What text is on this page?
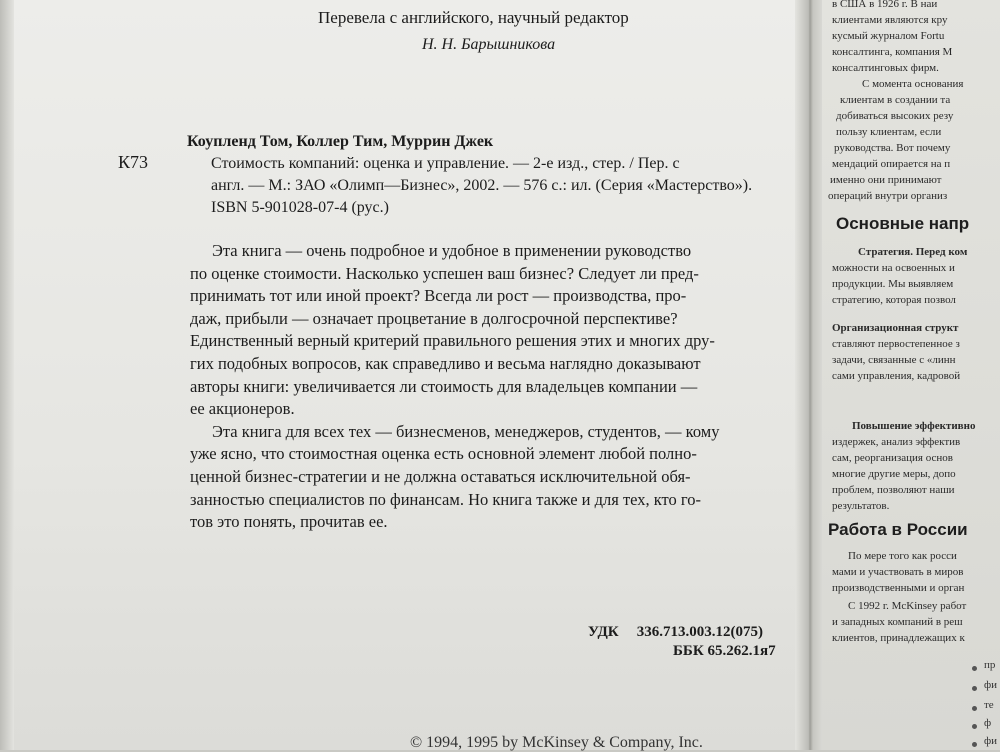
Перевела с английского, научный редактор
Н. Н. Барышникова
Коупленд Том, Коллер Тим, Муррин Джек
К73	Стоимость компаний: оценка и управление. — 2-е изд., стер. / Пер. с
англ. — М.: ЗАО «Олимп—Бизнес», 2002. — 576 с.: ил. (Серия «Мастерство»).
ISBN 5-901028-07-4 (рус.)
Эта книга — очень подробное и удобное в применении руководство
по оценке стоимости. Насколько успешен ваш бизнес? Следует ли пред-
принимать тот или иной проект? Всегда ли рост — производства, про-
даж, прибыли — означает процветание в долгосрочной перспективе?
Единственный верный критерий правильного решения этих и многих дру-
гих подобных вопросов, как справедливо и весьма наглядно доказывают
авторы книги: увеличивается ли стоимость для владельцев компании —
ее акционеров.
Эта книга для всех тех — бизнесменов, менеджеров, студентов, — кому
уже ясно, что стоимостная оценка есть основной элемент любой полно-
ценной бизнес-стратегии и не должна оставаться исключительной обя-
занностью специалистов по финансам. Но книга также и для тех, кто го-
тов это понять, прочитав ее.
УДК 336.713.003.12(075)
ББК 65.262.1я7
© 1994, 1995 by McKinsey & Company, Inc.
в США в 1926 г. В наи
клиентами являются кру
кусмый журналом Fortu
консалтинга, компания M
консалтинговых фирм.
С момента основания
клиентам в создании та
добиваться высоких резу
пользу клиентам, если
руководства. Вот почему
мендаций опирается на п
именно они принимают
операций внутри организ
Основные напр
Стратегия. Перед ком
можности на освоенных и
продукции. Мы выявляем
стратегию, которая позвол
Организационная структ
ставляют первостепенное з
задачи, связанные с «линн
сами управления, кадровой
Повышение эффективно
издержек, анализ эффектив
сам, реорганизация основ
многие другие меры, допо
проблем, позволяют наши
результатов.
Работа в России
По мере того как росси
мами и участвовать в миров
производственными и орган
С 1992 г. McKinsey работ
и западных компаний в реш
клиентов, принадлежащих к
пр
фи
те
ф
фи
